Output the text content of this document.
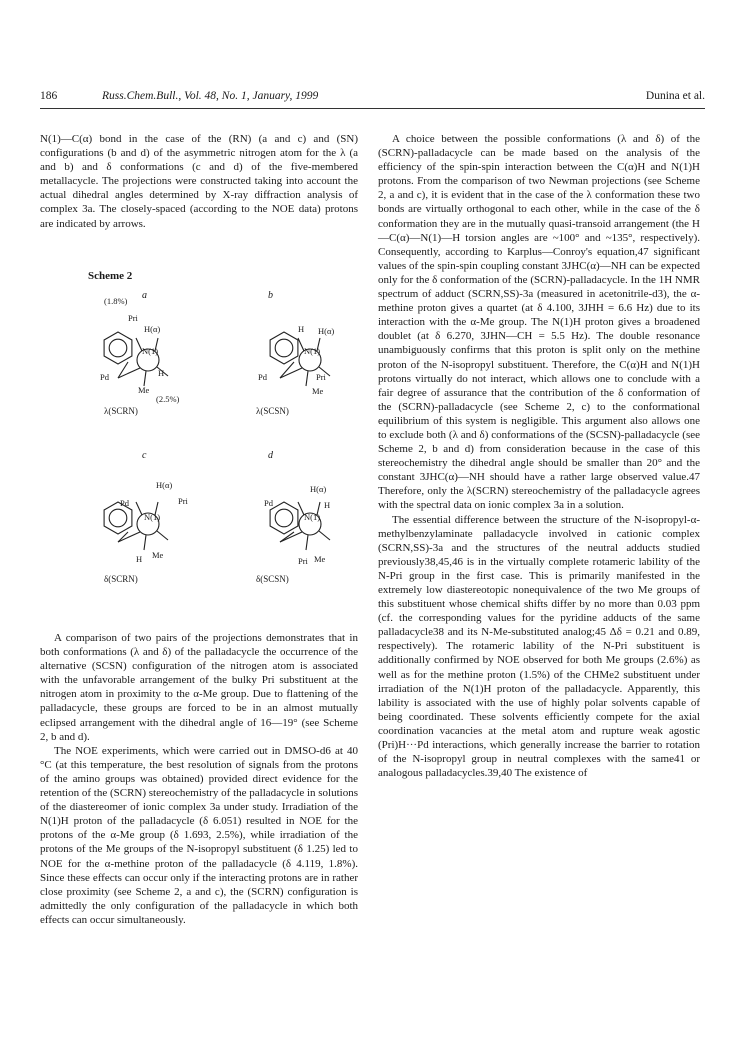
186	Russ.Chem.Bull., Vol. 48, No. 1, January, 1999	Dunina et al.

N(1)—C(α) bond in the case of the (RN) (a and c) and (SN) configurations (b and d) of the asymmetric nitrogen atom for the λ (a and b) and δ conformations (c and d) of the five-membered metallacycle. The projections were constructed taking into account the actual dihedral angles determined by X-ray diffraction analysis of complex 3a. The closely-spaced (according to the NOE data) protons are indicated by arrows.

Scheme 2
a
(1.8%)
Pri
H(α)
N(1)
Pd	H
Me
(2.5%)
λ(SCRN)
b
H H(α)
N(1)
Pd	Pri
Me
λ(SCSN)
c
H(α)
Pd	Pri
N(1)
H Me
δ(SCRN)
d
H(α)
Pd	H
N(1)
Pri Me
δ(SCSN)

A comparison of two pairs of the projections demonstrates that in both conformations (λ and δ) of the palladacycle the occurrence of the alternative (SCSN) configuration of the nitrogen atom is associated with the unfavorable arrangement of the bulky Pri substituent at the nitrogen atom in proximity to the α-Me group. Due to flattening of the palladacycle, these groups are forced to be in an almost mutually eclipsed arrangement with the dihedral angle of 16—19° (see Scheme 2, b and d).

The NOE experiments, which were carried out in DMSO-d6 at 40 °C (at this temperature, the best resolution of signals from the protons of the amino groups was obtained) provided direct evidence for the retention of the (SCRN) stereochemistry of the palladacycle in solutions of the diastereomer of ionic complex 3a under study. Irradiation of the N(1)H proton of the palladacycle (δ 6.051) resulted in NOE for the protons of the α-Me group (δ 1.693, 2.5%), while irradiation of the protons of the Me groups of the N-isopropyl substituent (δ 1.25) led to NOE for the α-methine proton of the palladacycle (δ 4.119, 1.8%). Since these effects can occur only if the interacting protons are in rather close proximity (see Scheme 2, a and c), the (SCRN) configuration is admittedly the only configuration of the palladacycle in which both effects can occur simultaneously.

A choice between the possible conformations (λ and δ) of the (SCRN)-palladacycle can be made based on the analysis of the efficiency of the spin-spin interaction between the C(α)H and N(1)H protons. From the comparison of two Newman projections (see Scheme 2, a and c), it is evident that in the case of the λ conformation these two bonds are virtually orthogonal to each other, while in the case of the δ conformation they are in the mutually quasi-transoid arrangement (the H—C(α)—N(1)—H torsion angles are ~100° and ~135°, respectively). Consequently, according to Karplus—Conroy's equation,47 significant values of the spin-spin coupling constant 3JHC(α)—NH can be expected only for the δ conformation of the (SCRN)-palladacycle. In the 1H NMR spectrum of adduct (SCRN,SS)-3a (measured in acetonitrile-d3), the α-methine proton gives a quartet (at δ 4.100, 3JHH = 6.6 Hz) due to its interaction with the α-Me group. The N(1)H proton gives a broadened doublet (at δ 6.270, 3JHN—CH = 5.5 Hz). The double resonance unambiguously confirms that this proton is split only on the methine proton of the N-isopropyl substituent. Therefore, the C(α)H and N(1)H protons virtually do not interact, which allows one to conclude with a fair degree of assurance that the contribution of the δ conformation of the (SCRN)-palladacycle (see Scheme 2, c) to the conformational equilibrium of this system is negligible. This argument also allows one to exclude both (λ and δ) conformations of the (SCSN)-palladacycle (see Scheme 2, b and d) from consideration because in the case of this stereochemistry the dihedral angle should be smaller than 20° and the constant 3JHC(α)—NH should have a rather large observed value.47 Therefore, only the λ(SCRN) stereochemistry of the palladacycle agrees with the spectral data on ionic complex 3a in a solution.

The essential difference between the structure of the N-isopropyl-α-methylbenzylaminate palladacycle involved in cationic complex (SCRN,SS)-3a and the structures of the neutral adducts studied previously38,45,46 is in the virtually complete rotameric lability of the N-Pri group in the first case. This is primarily manifested in the extremely low diastereotopic nonequivalence of the two Me groups of this substituent whose chemical shifts differ by no more than 0.03 ppm (cf. the corresponding values for the pyridine adducts of the same palladacycle38 and its N-Me-substituted analog;45 Δδ = 0.21 and 0.89, respectively). The rotameric lability of the N-Pri substituent is additionally confirmed by NOE observed for both Me groups (2.6%) as well as for the methine proton (1.5%) of the CHMe2 substituent under irradiation of the N(1)H proton of the palladacycle. Apparently, this lability is associated with the use of highly polar solvents capable of being coordinated. These solvents efficiently compete for the axial coordination vacancies at the metal atom and rupture weak agostic (Pri)H···Pd interactions, which generally increase the barrier to rotation of the N-isopropyl group in neutral complexes with the same41 or analogous palladacycles.39,40 The existence of
